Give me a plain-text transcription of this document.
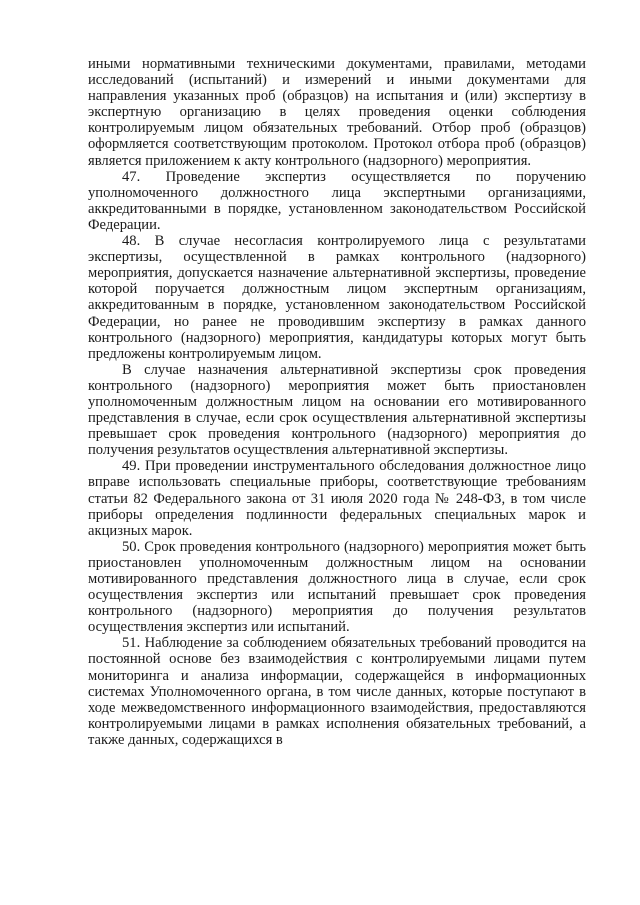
иными нормативными техническими документами, правилами, методами исследований (испытаний) и измерений и иными документами для направления указанных проб (образцов) на испытания и (или) экспертизу в экспертную организацию в целях проведения оценки соблюдения контролируемым лицом обязательных требований. Отбор проб (образцов) оформляется соответствующим протоколом. Протокол отбора проб (образцов) является приложением к акту контрольного (надзорного) мероприятия.

47. Проведение экспертиз осуществляется по поручению уполномоченного должностного лица экспертными организациями, аккредитованными в порядке, установленном законодательством Российской Федерации.

48. В случае несогласия контролируемого лица с результатами экспертизы, осуществленной в рамках контрольного (надзорного) мероприятия, допускается назначение альтернативной экспертизы, проведение которой поручается должностным лицом экспертным организациям, аккредитованным в порядке, установленном законодательством Российской Федерации, но ранее не проводившим экспертизу в рамках данного контрольного (надзорного) мероприятия, кандидатуры которых могут быть предложены контролируемым лицом.

В случае назначения альтернативной экспертизы срок проведения контрольного (надзорного) мероприятия может быть приостановлен уполномоченным должностным лицом на основании его мотивированного представления в случае, если срок осуществления альтернативной экспертизы превышает срок проведения контрольного (надзорного) мероприятия до получения результатов осуществления альтернативной экспертизы.

49. При проведении инструментального обследования должностное лицо вправе использовать специальные приборы, соответствующие требованиям статьи 82 Федерального закона от 31 июля 2020 года № 248-ФЗ, в том числе приборы определения подлинности федеральных специальных марок и акцизных марок.

50. Срок проведения контрольного (надзорного) мероприятия может быть приостановлен уполномоченным должностным лицом на основании мотивированного представления должностного лица в случае, если срок осуществления экспертиз или испытаний превышает срок проведения контрольного (надзорного) мероприятия до получения результатов осуществления экспертиз или испытаний.

51. Наблюдение за соблюдением обязательных требований проводится на постоянной основе без взаимодействия с контролируемыми лицами путем мониторинга и анализа информации, содержащейся в информационных системах Уполномоченного органа, в том числе данных, которые поступают в ходе межведомственного информационного взаимодействия, предоставляются контролируемыми лицами в рамках исполнения обязательных требований, а также данных, содержащихся в
